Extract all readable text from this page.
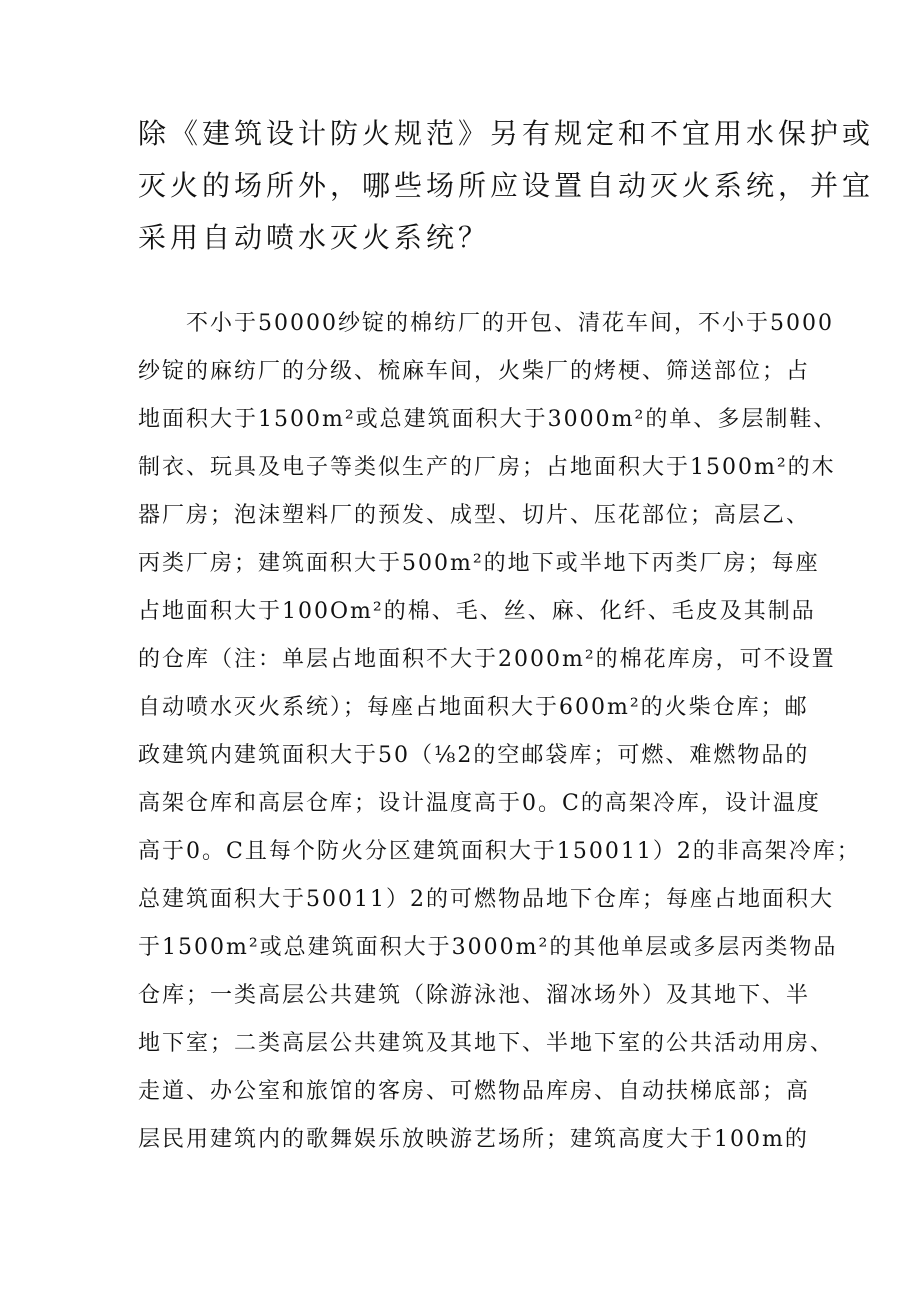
除《建筑设计防火规范》另有规定和不宜用水保护或
灭火的场所外，哪些场所应设置自动灭火系统，并宜
采用自动喷水灭火系统？

不小于50000纱锭的棉纺厂的开包、清花车间，不小于5000
纱锭的麻纺厂的分级、梳麻车间，火柴厂的烤梗、筛送部位；占
地面积大于1500m²或总建筑面积大于3000m²的单、多层制鞋、
制衣、玩具及电子等类似生产的厂房；占地面积大于1500m²的木
器厂房；泡沫塑料厂的预发、成型、切片、压花部位；高层乙、
丙类厂房；建筑面积大于500m²的地下或半地下丙类厂房；每座
占地面积大于100Om²的棉、毛、丝、麻、化纤、毛皮及其制品
的仓库（注：单层占地面积不大于2000m²的棉花库房，可不设置
自动喷水灭火系统）；每座占地面积大于600m²的火柴仓库；邮
政建筑内建筑面积大于50（⅛2的空邮袋库；可燃、难燃物品的
高架仓库和高层仓库；设计温度高于0。C的高架冷库，设计温度
高于0。C且每个防火分区建筑面积大于150011）2的非高架冷库；
总建筑面积大于50011）2的可燃物品地下仓库；每座占地面积大
于1500m²或总建筑面积大于3000m²的其他单层或多层丙类物品
仓库；一类高层公共建筑（除游泳池、溜冰场外）及其地下、半
地下室；二类高层公共建筑及其地下、半地下室的公共活动用房、
走道、办公室和旅馆的客房、可燃物品库房、自动扶梯底部；高
层民用建筑内的歌舞娱乐放映游艺场所；建筑高度大于100m的
